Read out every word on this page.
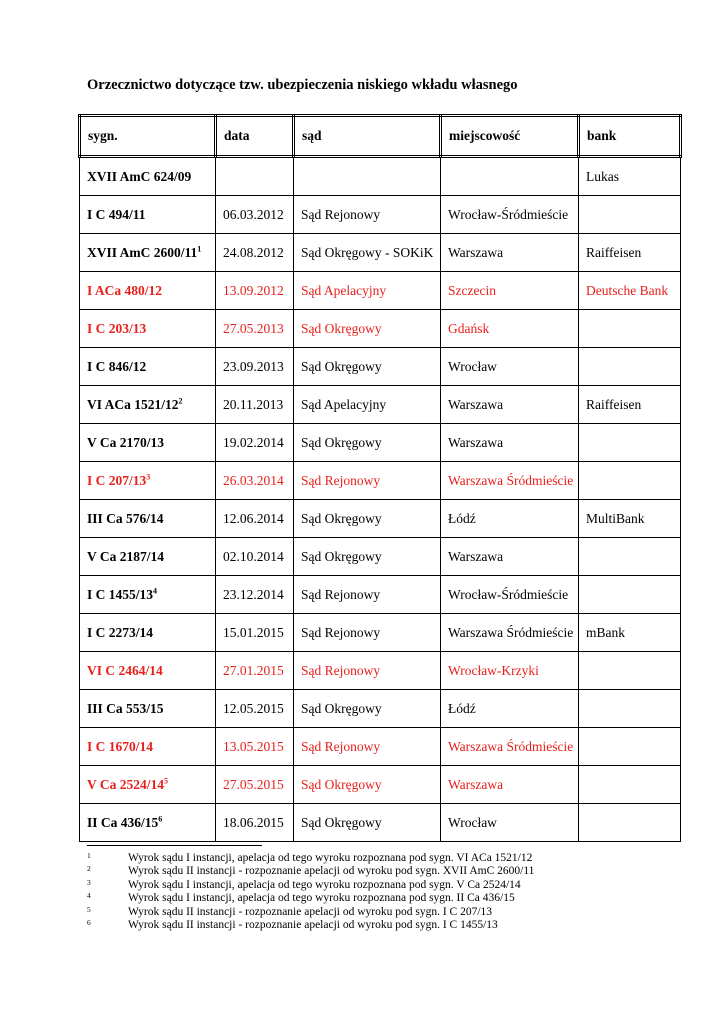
Orzecznictwo dotyczące tzw. ubezpieczenia niskiego wkładu własnego
sygn.	data	sąd	miejscowość	bank
XVII AmC 624/09				Lukas
I C 494/11	06.03.2012	Sąd Rejonowy	Wrocław-Śródmieście	
XVII AmC $2600/11^1$	24.08.2012	Sąd Okręgowy - SOKiK	Warszawa	Raiffeisen
I ACa 480/12	13.09.2012	Sąd Apelacyjny	Szczecin	Deutsche Bank
I C 203/13	27.05.2013	Sąd Okręgowy	Gdańsk	
I C 846/12	23.09.2013	Sąd Okręgowy	Wrocław	
VI ACa $1521/12^2$	20.11.2013	Sąd Apelacyjny	Warszawa	Raiffeisen
V Ca 2170/13	19.02.2014	Sąd Okręgowy	Warszawa	
I C $207/13^3$	26.03.2014	Sąd Rejonowy	Warszawa Śródmieście	
III Ca 576/14	12.06.2014	Sąd Okręgowy	Łódź	MultiBank
V Ca 2187/14	02.10.2014	Sąd Okręgowy	Warszawa	
I C $1455/13^4$	23.12.2014	Sąd Rejonowy	Wrocław-Śródmieście	
I C 2273/14	15.01.2015	Sąd Rejonowy	Warszawa Śródmieście	mBank
VI C 2464/14	27.01.2015	Sąd Rejonowy	Wrocław-Krzyki	
III Ca 553/15	12.05.2015	Sąd Okręgowy	Łódź	
I C 1670/14	13.05.2015	Sąd Rejonowy	Warszawa Śródmieście	
V Ca $2524/14^5$	27.05.2015	Sąd Okręgowy	Warszawa	
II Ca $436/15^6$	18.06.2015	Sąd Okręgowy	Wrocław	
1	Wyrok sądu I instancji, apelacja od tego wyroku rozpoznana pod sygn. VI ACa 1521/12
2	Wyrok sądu II instancji - rozpoznanie apelacji od wyroku pod sygn. XVII AmC 2600/11
3	Wyrok sądu I instancji, apelacja od tego wyroku rozpoznana pod sygn. V Ca 2524/14
4	Wyrok sądu I instancji, apelacja od tego wyroku rozpoznana pod sygn. II Ca 436/15
5	Wyrok sądu II instancji - rozpoznanie apelacji od wyroku pod sygn. I C 207/13
6	Wyrok sądu II instancji - rozpoznanie apelacji od wyroku pod sygn. I C 1455/13
